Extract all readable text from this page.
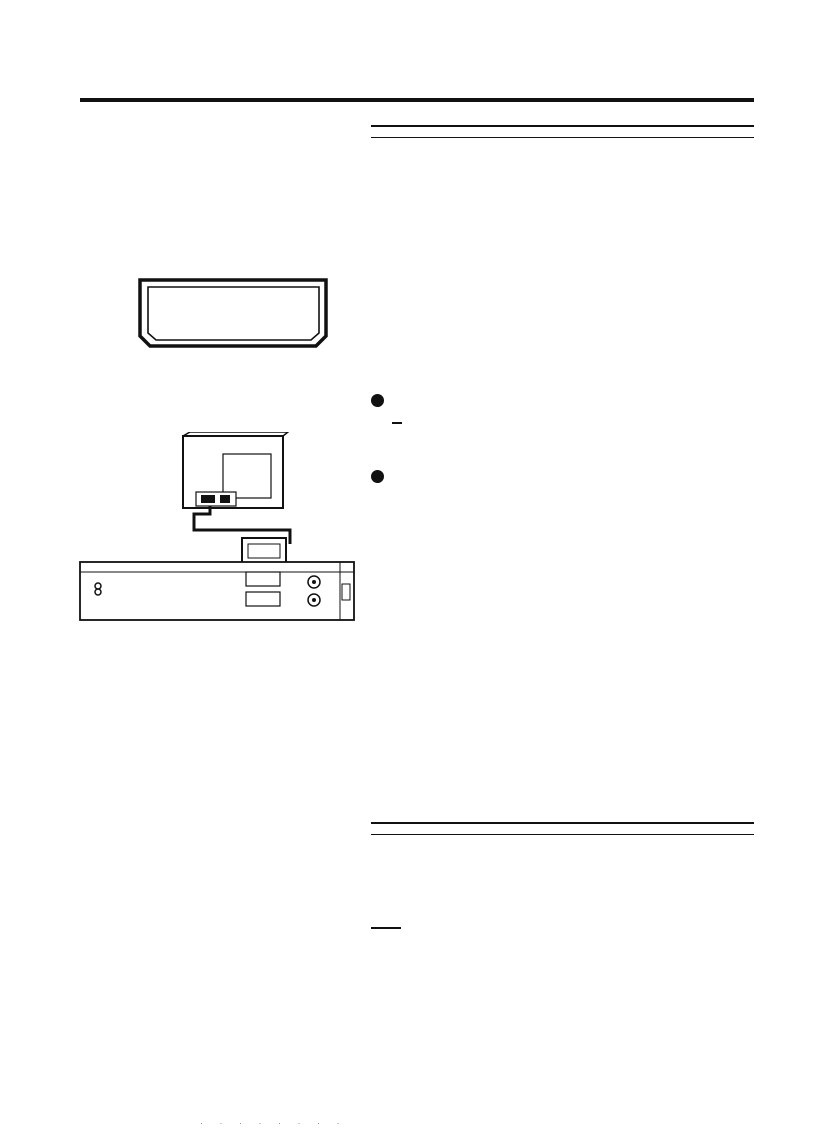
· · · · · · · ·
